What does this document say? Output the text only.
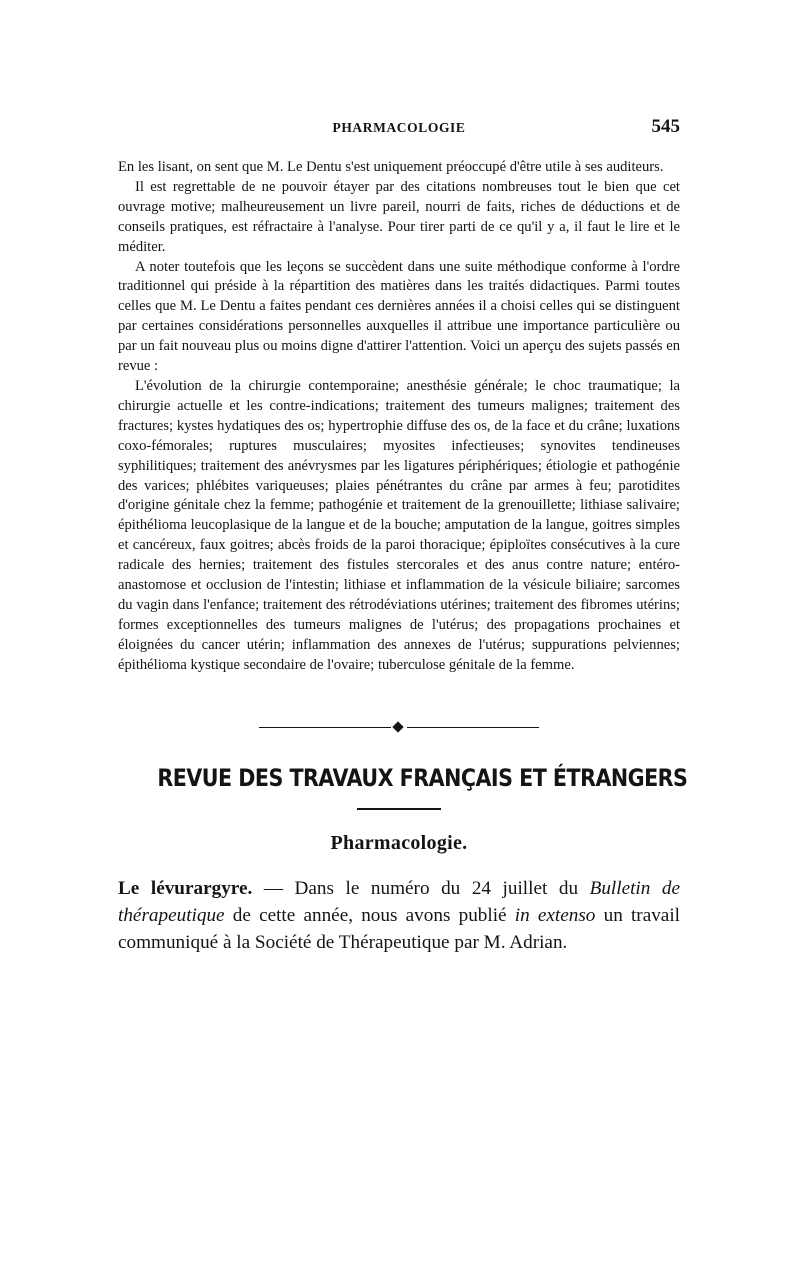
PHARMACOLOGIE	545

En les lisant, on sent que M. Le Dentu s'est uniquement préoccupé d'être utile à ses auditeurs.

Il est regrettable de ne pouvoir étayer par des citations nombreuses tout le bien que cet ouvrage motive; malheureusement un livre pareil, nourri de faits, riches de déductions et de conseils pratiques, est réfractaire à l'analyse. Pour tirer parti de ce qu'il y a, il faut le lire et le méditer.

A noter toutefois que les leçons se succèdent dans une suite méthodique conforme à l'ordre traditionnel qui préside à la répartition des matières dans les traités didactiques. Parmi toutes celles que M. Le Dentu a faites pendant ces dernières années il a choisi celles qui se distinguent par certaines considérations personnelles auxquelles il attribue une importance particulière ou par un fait nouveau plus ou moins digne d'attirer l'attention. Voici un aperçu des sujets passés en revue :

L'évolution de la chirurgie contemporaine; anesthésie générale; le choc traumatique; la chirurgie actuelle et les contre-indications; traitement des tumeurs malignes; traitement des fractures; kystes hydatiques des os; hypertrophie diffuse des os, de la face et du crâne; luxations coxo-fémorales; ruptures musculaires; myosites infectieuses; synovites tendineuses syphilitiques; traitement des anévrysmes par les ligatures périphériques; étiologie et pathogénie des varices; phlébites variqueuses; plaies pénétrantes du crâne par armes à feu; parotidites d'origine génitale chez la femme; pathogénie et traitement de la grenouillette; lithiase salivaire; épithélioma leucoplasique de la langue et de la bouche; amputation de la langue, goitres simples et cancéreux, faux goitres; abcès froids de la paroi thoracique; épiploïtes consécutives à la cure radicale des hernies; traitement des fistules stercorales et des anus contre nature; entéro-anastomose et occlusion de l'intestin; lithiase et inflammation de la vésicule biliaire; sarcomes du vagin dans l'enfance; traitement des rétrodéviations utérines; traitement des fibromes utérins; formes exceptionnelles des tumeurs malignes de l'utérus; des propagations prochaines et éloignées du cancer utérin; inflammation des annexes de l'utérus; suppurations pelviennes; épithélioma kystique secondaire de l'ovaire; tuberculose génitale de la femme.

REVUE DES TRAVAUX FRANÇAIS ET ÉTRANGERS
Pharmacologie.

Le lévurargyre. — Dans le numéro du 24 juillet du Bulletin de thérapeutique de cette année, nous avons publié in extenso un travail communiqué à la Société de Thérapeutique par M. Adrian.
